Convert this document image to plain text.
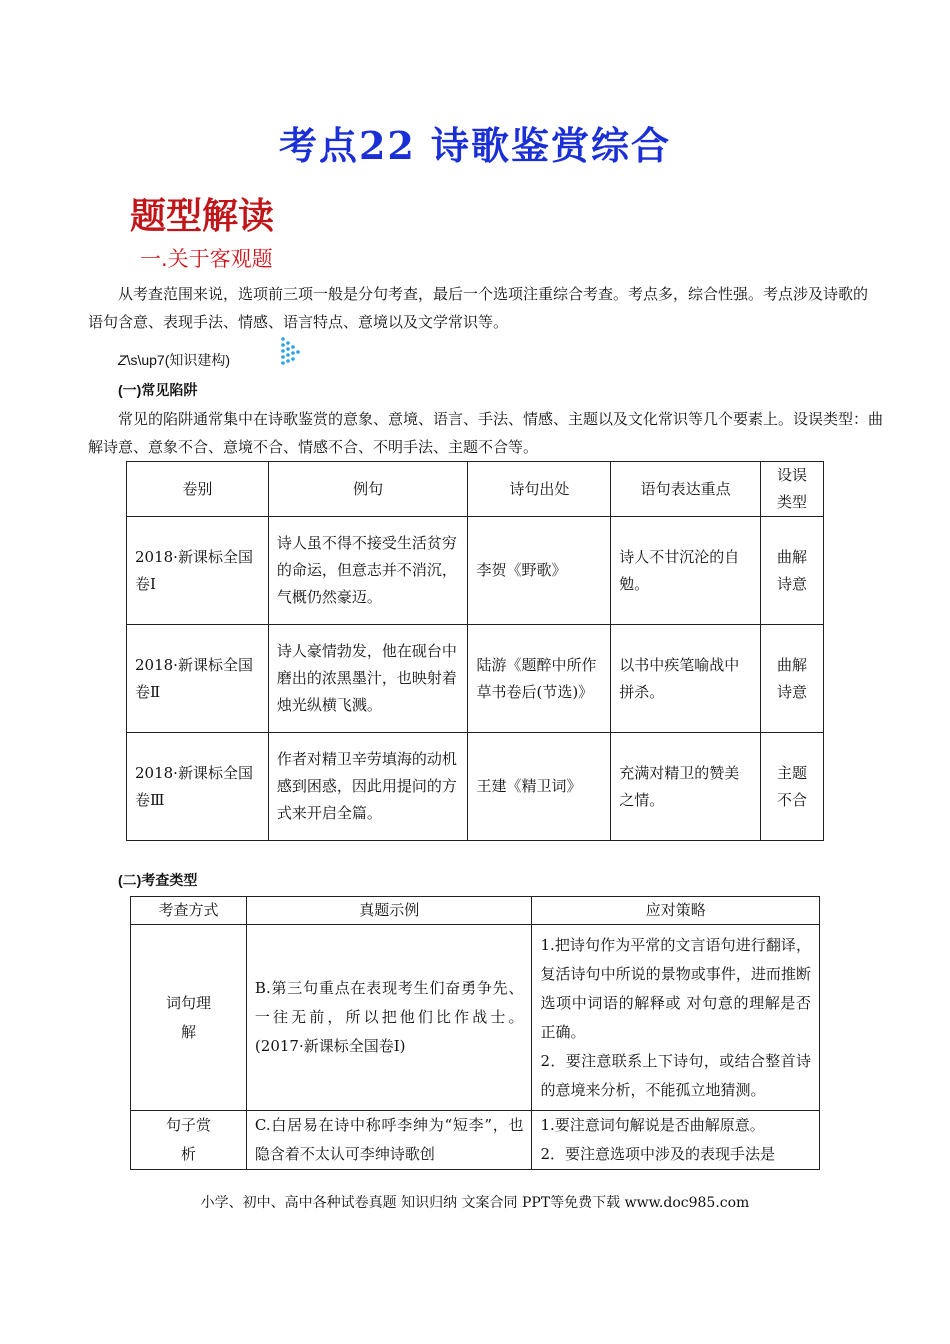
考点22 诗歌鉴赏综合
题型解读
一.关于客观题
从考查范围来说，选项前三项一般是分句考查，最后一个选项注重综合考查。考点多，综合性强。考点涉及诗歌的语句含意、表现手法、情感、语言特点、意境以及文学常识等。
Z\s\up7(知识建构)
(一)常见陷阱
常见的陷阱通常集中在诗歌鉴赏的意象、意境、语言、手法、情感、主题以及文化常识等几个要素上。设误类型：曲解诗意、意象不合、意境不合、情感不合、不明手法、主题不合等。
卷别	例句	诗句出处	语句表达重点	设误类型
2018·新课标全国卷Ⅰ	诗人虽不得不接受生活贫穷的命运，但意志并不消沉，气概仍然豪迈。	李贺《野歌》	诗人不甘沉沦的自勉。	曲解诗意
2018·新课标全国卷Ⅱ	诗人豪情勃发，他在砚台中磨出的浓黑墨汁，也映射着烛光纵横飞溅。	陆游《题醉中所作草书卷后(节选)》	以书中疾笔喻战中拼杀。	曲解诗意
2018·新课标全国卷Ⅲ	作者对精卫辛劳填海的动机感到困惑，因此用提问的方式来开启全篇。	王建《精卫词》	充满对精卫的赞美之情。	主题不合
(二)考查类型
考查方式	真题示例	应对策略
词句理解	B.第三句重点在表现考生们奋勇争先、一往无前，所以把他们比作战士。(2017·新课标全国卷Ⅰ)	1.把诗句作为平常的文言语句进行翻译，复活诗句中所说的景物或事件，进而推断选项中词语的解释或 对句意的理解是否正确。
2．要注意联系上下诗句，或结合整首诗的意境来分析，不能孤立地猜测。

句子赏析	C.白居易在诗中称呼李绅为“短李”，也隐含着不太认可李绅诗歌创	1.要注意词句解说是否曲解原意。
2．要注意选项中涉及的表现手法是
小学、初中、高中各种试卷真题 知识归纳 文案合同 PPT等免费下载 www.doc985.com
